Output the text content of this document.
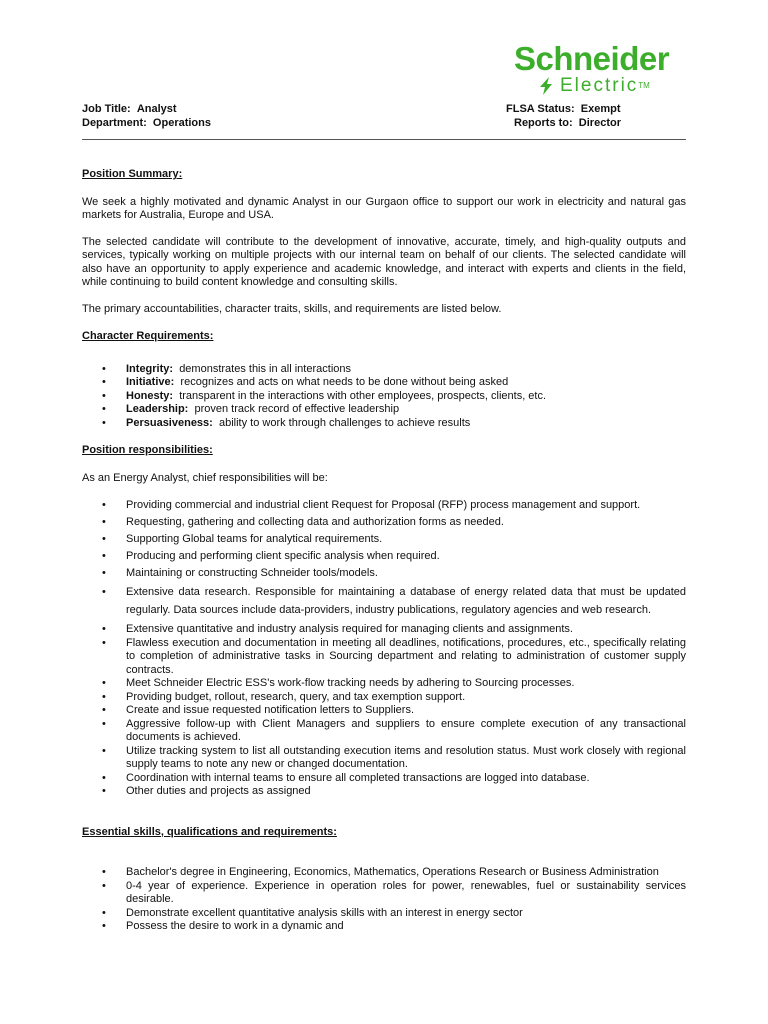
Schneider
Electric™
Job Title: Analyst
Department: Operations
FLSA Status: Exempt
Reports to: Director
Position Summary:

We seek a highly motivated and dynamic Analyst in our Gurgaon office to support our work in electricity and natural gas markets for Australia, Europe and USA.

The selected candidate will contribute to the development of innovative, accurate, timely, and high-quality outputs and services, typically working on multiple projects with our internal team on behalf of our clients. The selected candidate will also have an opportunity to apply experience and academic knowledge, and interact with experts and clients in the field, while continuing to build content knowledge and consulting skills.

The primary accountabilities, character traits, skills, and requirements are listed below.

Character Requirements:
• Integrity: demonstrates this in all interactions
• Initiative: recognizes and acts on what needs to be done without being asked
• Honesty: transparent in the interactions with other employees, prospects, clients, etc.
• Leadership: proven track record of effective leadership
• Persuasiveness: ability to work through challenges to achieve results
Position responsibilities:

As an Energy Analyst, chief responsibilities will be:

• Providing commercial and industrial client Request for Proposal (RFP) process management and support.
• Requesting, gathering and collecting data and authorization forms as needed.
• Supporting Global teams for analytical requirements.
• Producing and performing client specific analysis when required.
• Maintaining or constructing Schneider tools/models.
• Extensive data research. Responsible for maintaining a database of energy related data that must be updated regularly. Data sources include data-providers, industry publications, regulatory agencies and web research.
• Extensive quantitative and industry analysis required for managing clients and assignments.
• Flawless execution and documentation in meeting all deadlines, notifications, procedures, etc., specifically relating to completion of administrative tasks in Sourcing department and relating to administration of customer supply contracts.
• Meet Schneider Electric ESS's work-flow tracking needs by adhering to Sourcing processes.
• Providing budget, rollout, research, query, and tax exemption support.
• Create and issue requested notification letters to Suppliers.
• Aggressive follow-up with Client Managers and suppliers to ensure complete execution of any transactional documents is achieved.
• Utilize tracking system to list all outstanding execution items and resolution status. Must work closely with regional supply teams to note any new or changed documentation.
• Coordination with internal teams to ensure all completed transactions are logged into database.
• Other duties and projects as assigned
Essential skills, qualifications and requirements:
• Bachelor's degree in Engineering, Economics, Mathematics, Operations Research or Business Administration
• 0-4 year of experience. Experience in operation roles for power, renewables, fuel or sustainability services desirable.
• Demonstrate excellent quantitative analysis skills with an interest in energy sector
• Possess the desire to work in a dynamic and
